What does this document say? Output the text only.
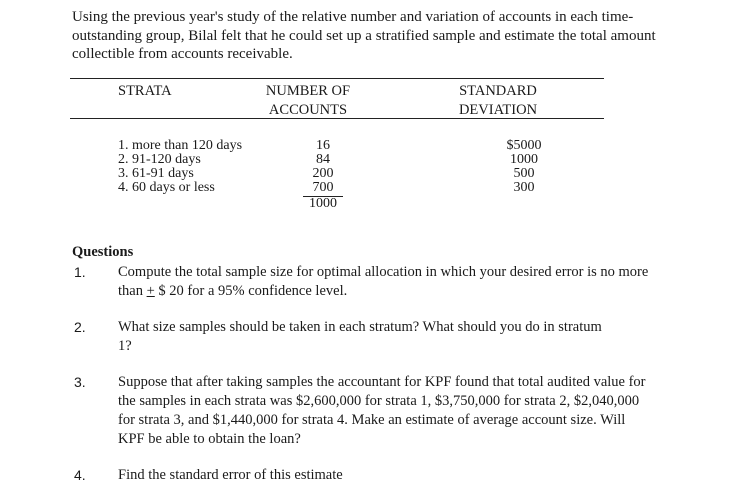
Using the previous year's study of the relative number and variation of accounts in each time-outstanding group, Bilal felt that he could set up a stratified sample and estimate the total amount collectible from accounts receivable.
STRATA	NUMBER OF
ACCOUNTS
STANDARD
DEVIATION
1. more than 120 days
2. 91-120 days
3. 61-91 days
4. 60 days or less
16
84
200
700
1000
$5000
1000
500
300
Questions
1. Compute the total sample size for optimal allocation in which your desired error is no more than + $ 20 for a 95% confidence level.
2. What size samples should be taken in each stratum? What should you do in stratum 1?
3. Suppose that after taking samples the accountant for KPF found that total audited value for the samples in each strata was $2,600,000 for strata 1, $3,750,000 for strata 2, $2,040,000 for strata 3, and $1,440,000 for strata 4. Make an estimate of average account size. Will KPF be able to obtain the loan?
4. Find the standard error of this estimate
